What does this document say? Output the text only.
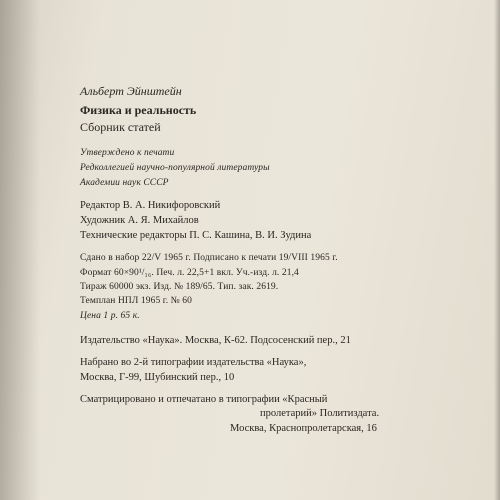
Альберт Эйнштейн
Физика и реальность
Сборник статей
Утверждено к печати
Редколлегией научно-популярной литературы
Академии наук СССР
Редактор В. А. Никифоровский
Художник А. Я. Михайлов
Технические редакторы П. С. Кашина, В. И. Зудина
Сдано в набор 22/V 1965 г. Подписано к печати 19/VIII 1965 г.
Формат 60×90¹/₁₆. Печ. л. 22,5+1 вкл. Уч.-изд. л. 21,4
Тираж 60000 экз. Изд. № 189/65. Тип. зак. 2619.
Темплан НПЛ 1965 г. № 60
Цена 1 р. 65 к.
Издательство «Наука». Москва, К-62. Подсосенский пер., 21
Набрано во 2-й типографии издательства «Наука»,
Москва, Г-99, Шубинский пер., 10
Сматрицировано и отпечатано в типографии «Красный
пролетарий» Политиздата.
Москва, Краснопролетарская, 16
